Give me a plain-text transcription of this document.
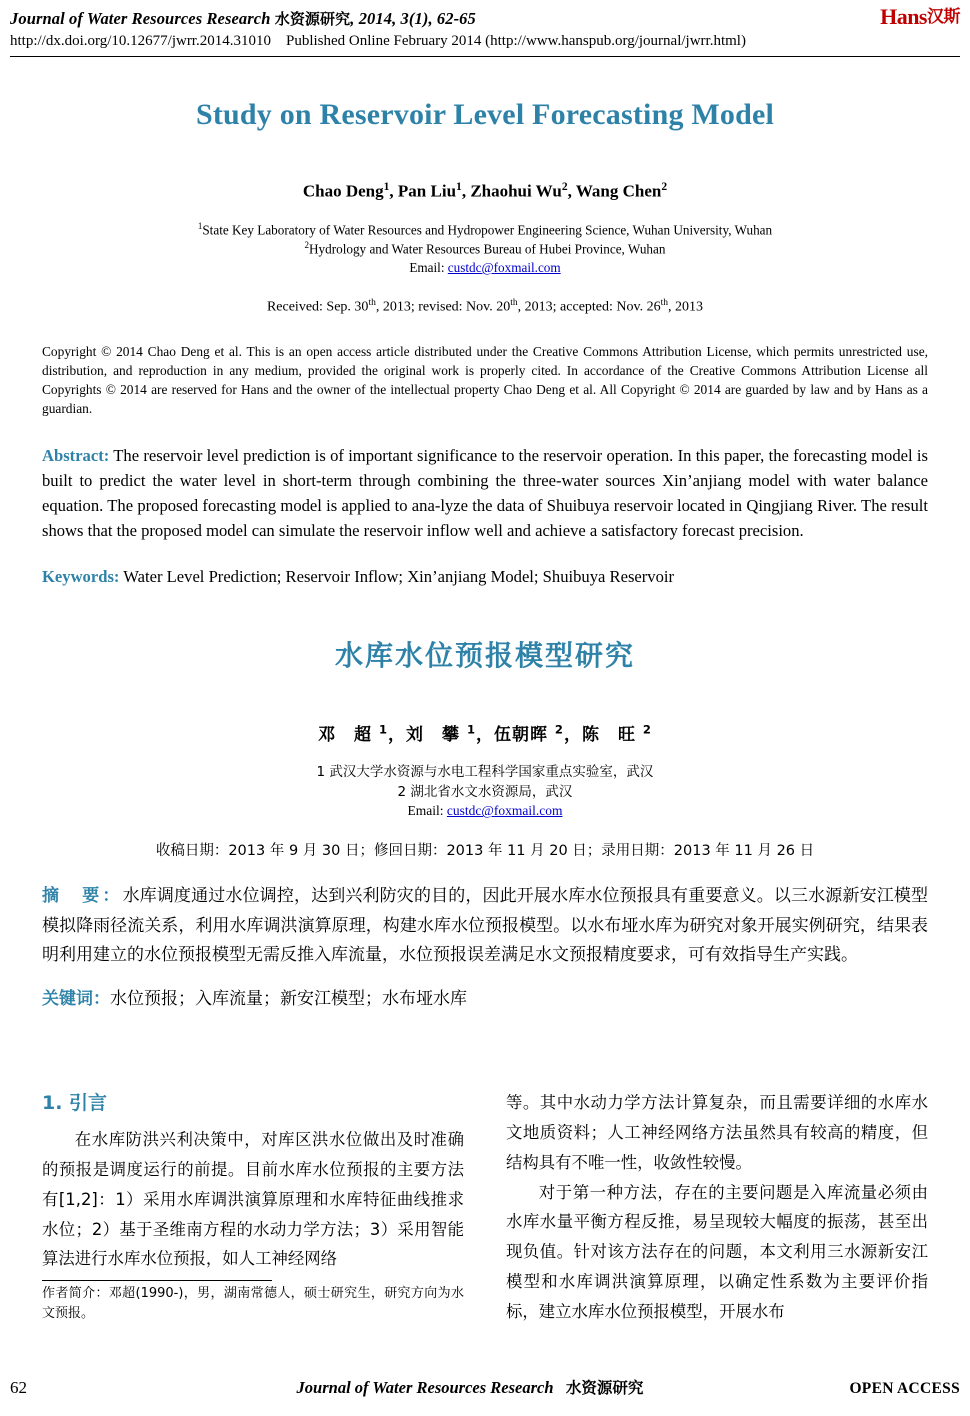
Journal of Water Resources Research 水资源研究, 2014, 3(1), 62-65
http://dx.doi.org/10.12677/jwrr.2014.31010 Published Online February 2014 (http://www.hanspub.org/journal/jwrr.html)
Hans汉斯
Study on Reservoir Level Forecasting Model
Chao Deng$^1$, Pan Liu$^1$, Zhaohui Wu$^2$, Wang Chen$^2$
$^1$State Key Laboratory of Water Resources and Hydropower Engineering Science, Wuhan University, Wuhan
$^2$Hydrology and Water Resources Bureau of Hubei Province, Wuhan
Email: custdc@foxmail.com
Received: Sep. 30th, 2013; revised: Nov. 20th, 2013; accepted: Nov. 26th, 2013
Copyright © 2014 Chao Deng et al. This is an open access article distributed under the Creative Commons Attribution License, which permits unrestricted use, distribution, and reproduction in any medium, provided the original work is properly cited. In accordance of the Creative Commons Attribution License all Copyrights © 2014 are reserved for Hans and the owner of the intellectual property Chao Deng et al. All Copyright © 2014 are guarded by law and by Hans as a guardian.
Abstract: The reservoir level prediction is of important significance to the reservoir operation. In this paper, the forecasting model is built to predict the water level in short-term through combining the three-water sources Xin’anjiang model with water balance equation. The proposed forecasting model is applied to ana-lyze the data of Shuibuya reservoir located in Qingjiang River. The result shows that the proposed model can simulate the reservoir inflow well and achieve a satisfactory forecast precision.
Keywords: Water Level Prediction; Reservoir Inflow; Xin’anjiang Model; Shuibuya Reservoir
水库水位预报模型研究
邓　超 $^1$，刘　攀 $^1$，伍朝晖 $^2$，陈　旺 $^2$
1 武汉大学水资源与水电工程科学国家重点实验室，武汉
2 湖北省水文水资源局，武汉
Email: custdc@foxmail.com
收稿日期：2013 年 9 月 30 日；修回日期：2013 年 11 月 20 日；录用日期：2013 年 11 月 26 日
摘　要：水库调度通过水位调控，达到兴利防灾的目的，因此开展水库水位预报具有重要意义。以三水源新安江模型模拟降雨径流关系，利用水库调洪演算原理，构建水库水位预报模型。以水布垭水库为研究对象开展实例研究，结果表明利用建立的水位预报模型无需反推入库流量，水位预报误差满足水文预报精度要求，可有效指导生产实践。
关键词：水位预报；入库流量；新安江模型；水布垭水库
1. 引言
在水库防洪兴利决策中，对库区洪水位做出及时准确的预报是调度运行的前提。目前水库水位预报的主要方法有[1,2]：1）采用水库调洪演算原理和水库特征曲线推求水位；2）基于圣维南方程的水动力学方法；3）采用智能算法进行水库水位预报，如人工神经网络
作者简介：邓超(1990-)，男，湖南常德人，硕士研究生，研究方向为水文预报。
等。其中水动力学方法计算复杂，而且需要详细的水库水文地质资料；人工神经网络方法虽然具有较高的精度，但结构具有不唯一性，收敛性较慢。
对于第一种方法，存在的主要问题是入库流量必须由水库水量平衡方程反推，易呈现较大幅度的振荡，甚至出现负值。针对该方法存在的问题，本文利用三水源新安江模型和水库调洪演算原理，以确定性系数为主要评价指标，建立水库水位预报模型，开展水布
62	Journal of Water Resources Research 水资源研究	OPEN ACCESS
